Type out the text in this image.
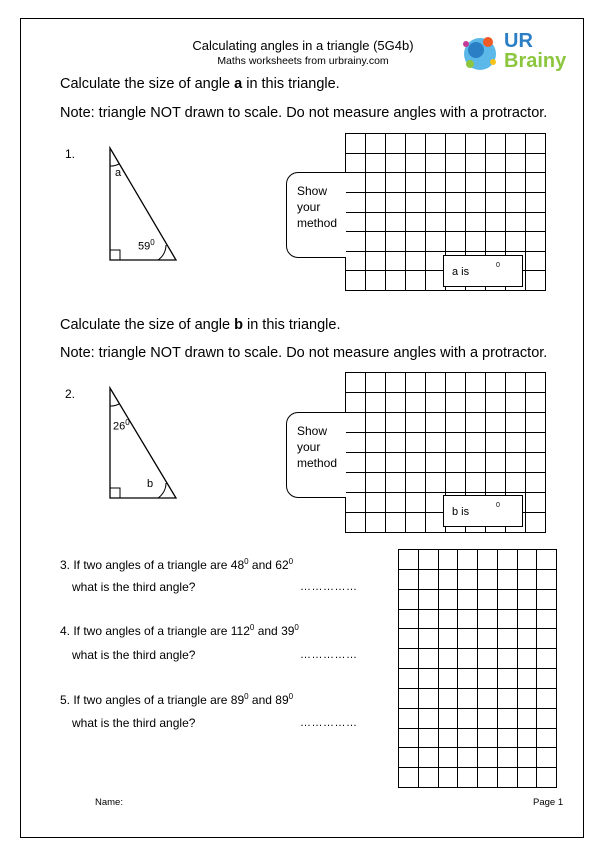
Calculating angles in a triangle (5G4b)
Maths worksheets from urbrainy.com
UR
Brainy
Calculate the size of angle a in this triangle.
Note: triangle NOT drawn to scale. Do not measure angles with a protractor.
1.
a
$59^0$
Show
your
method
a is
0
Calculate the size of angle b in this triangle.
Note: triangle NOT drawn to scale. Do not measure angles with a protractor.
2.
$26^0$
b
Show
your
method
b is
0
3. If two angles of a triangle are $48^0$ and $62^0$
what is the third angle?	……………
4. If two angles of a triangle are $112^0$ and $39^0$
what is the third angle?	……………
5. If two angles of a triangle are $89^0$ and $89^0$
what is the third angle?	……………
Name:	Page 1
